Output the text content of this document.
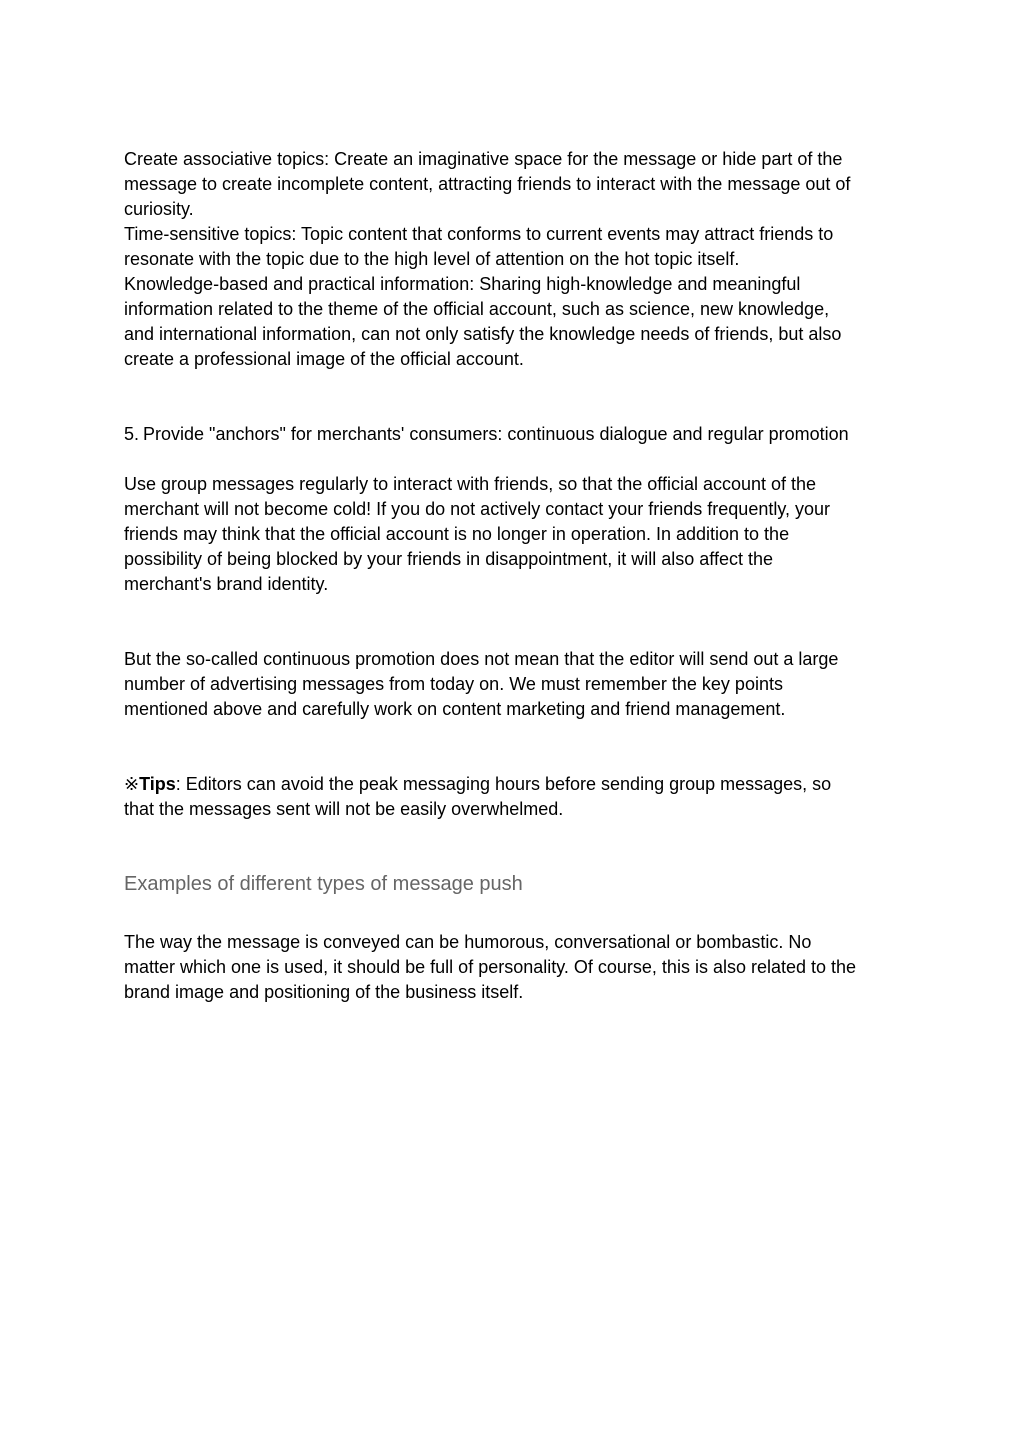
Create associative topics: Create an imaginative space for the message or hide part of the

message to create incomplete content, attracting friends to interact with the message out of

curiosity.

Time-sensitive topics: Topic content that conforms to current events may attract friends to

resonate with the topic due to the high level of attention on the hot topic itself.

Knowledge-based and practical information: Sharing high-knowledge and meaningful

information related to the theme of the official account, such as science, new knowledge,

and international information, can not only satisfy the knowledge needs of friends, but also

create a professional image of the official account.

5. Provide "anchors" for merchants' consumers: continuous dialogue and regular promotion

Use group messages regularly to interact with friends, so that the official account of the

merchant will not become cold! If you do not actively contact your friends frequently, your

friends may think that the official account is no longer in operation. In addition to the

possibility of being blocked by your friends in disappointment, it will also affect the

merchant's brand identity.

But the so-called continuous promotion does not mean that the editor will send out a large

number of advertising messages from today on. We must remember the key points

mentioned above and carefully work on content marketing and friend management.

※Tips: Editors can avoid the peak messaging hours before sending group messages, so

that the messages sent will not be easily overwhelmed.

Examples of different types of message push

The way the message is conveyed can be humorous, conversational or bombastic. No

matter which one is used, it should be full of personality. Of course, this is also related to the

brand image and positioning of the business itself.
